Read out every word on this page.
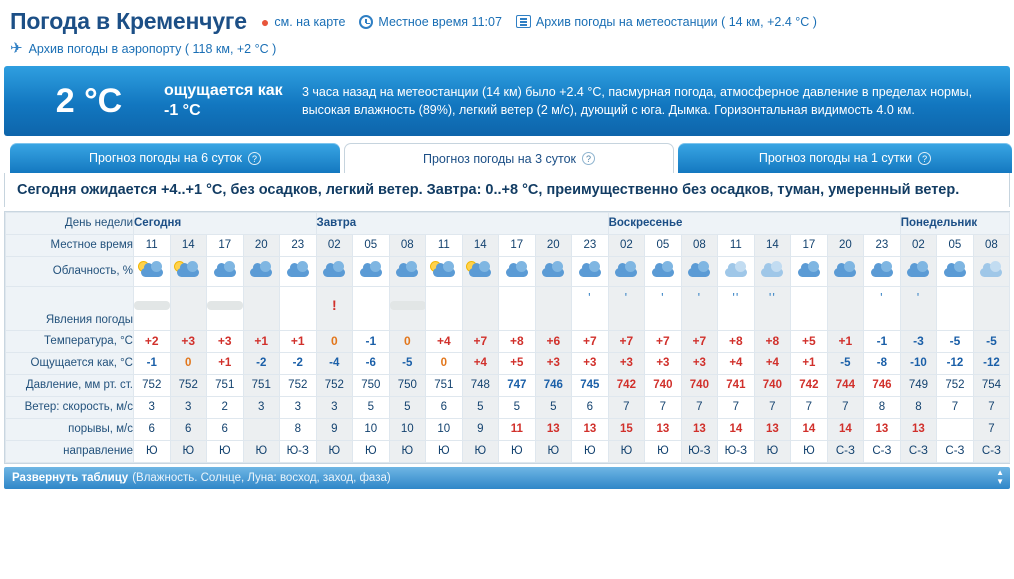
Погода в Кременчуге ● см. на карте	Местное время 11:07	Архив погоды на метеостанции ( 14 км, +2.4 °C )
✈ Архив погоды в аэропорту ( 118 км, +2 °C )
2 °C	ощущается как -1 °C
3 часа назад на метеостанции (14 км) было +2.4 °C, пасмурная погода, атмосферное давление в пределах нормы, высокая влажность (89%), легкий ветер (2 м/с), дующий с юга. Дымка. Горизонтальная видимость 4.0 км.
Прогноз погоды на 6 суток	?	Прогноз погоды на 3 суток	?	Прогноз погоды на 1 сутки	?
Сегодня ожидается +4..+1 °C, без осадков, легкий ветер. Завтра: 0..+8 °C, преимущественно без осадков, туман, умеренный ветер.
День недели	Сегодня					Завтра								Воскресенье								Понедельник		
Местное время	11	14	17	20	23	02	05	08	11	14	17	20	23	02	05	08	11	14	17	20	23	02	05	08
Облачность, %	

Явления погоды						!							'	'	'	'	''	''			'	'		

Температура, °C	+2	+3	+3	+1	+1	0	-1	0	+4	+7	+8	+6	+7	+7	+7	+7	+8	+8	+5	+1	-1	-3	-5	-5
Ощущается как, °C	-1	0	+1	-2	-2	-4	-6	-5	0	+4	+5	+3	+3	+3	+3	+3	+4	+4	+1	-5	-8	-10	-12	-12
Давление, мм рт. ст.	752	752	751	751	752	752	750	750	751	748	747	746	745	742	740	740	741	740	742	744	746	749	752	754
Ветер: скорость, м/с	3	3	2	3	3	3	5	5	6	5	5	5	6	7	7	7	7	7	7	7	8	8	7	7
порывы, м/с	6	6	6		8	9	10	10	10	9	11	13	13	15	13	13	14	13	14	14	13	13		7
направление	Ю	Ю	Ю	Ю	Ю-З	Ю	Ю	Ю	Ю	Ю	Ю	Ю	Ю	Ю	Ю	Ю-З	Ю-З	Ю	Ю	С-З	С-З	С-З	С-З	С-З
Развернуть таблицу (Влажность. Солнце, Луна: восход, заход, фаза)	▲
▼
